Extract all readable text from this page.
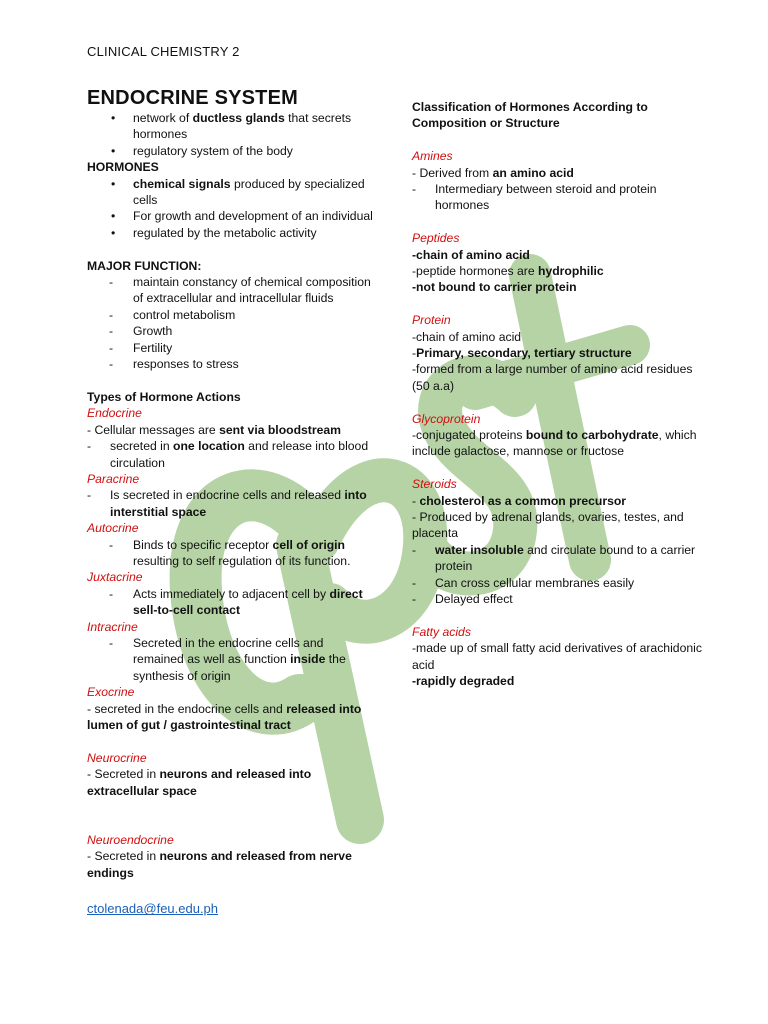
CLINICAL CHEMISTRY 2
ENDOCRINE SYSTEM
• network of ductless glands that secrets hormones
• regulatory system of the body
HORMONES
• chemical signals produced by specialized cells
• For growth and development of an individual
• regulated by the metabolic activity
MAJOR FUNCTION:
- maintain constancy of chemical composition of extracellular and intracellular fluids
- control metabolism
- Growth
- Fertility
- responses to stress
Types of Hormone Actions
Endocrine
- Cellular messages are sent via bloodstream
- secreted in one location and release into blood circulation
Paracrine
- Is secreted in endocrine cells and released into interstitial space
Autocrine
- Binds to specific receptor cell of origin resulting to self regulation of its function.
Juxtacrine
- Acts immediately to adjacent cell by direct sell-to-cell contact
Intracrine
- Secreted in the endocrine cells and remained as well as function inside the synthesis of origin
Exocrine
- secreted in the endocrine cells and released into lumen of gut / gastrointestinal tract
Neurocrine
- Secreted in neurons and released into extracellular space
Neuroendocrine
- Secreted in neurons and released from nerve endings
ctolenada@feu.edu.ph
Classification of Hormones According to Composition or Structure
Amines
- Derived from an amino acid
- Intermediary between steroid and protein hormones
Peptides
-chain of amino acid
-peptide hormones are hydrophilic
-not bound to carrier protein
Protein
-chain of amino acid
-Primary, secondary, tertiary structure
-formed from a large number of amino acid residues (50 a.a)
Glycoprotein
-conjugated proteins bound to carbohydrate, which include galactose, mannose or fructose
Steroids
- cholesterol as a common precursor
- Produced by adrenal glands, ovaries, testes, and placenta
- water insoluble and circulate bound to a carrier protein
- Can cross cellular membranes easily
- Delayed effect
Fatty acids
-made up of small fatty acid derivatives of arachidonic acid
-rapidly degraded
